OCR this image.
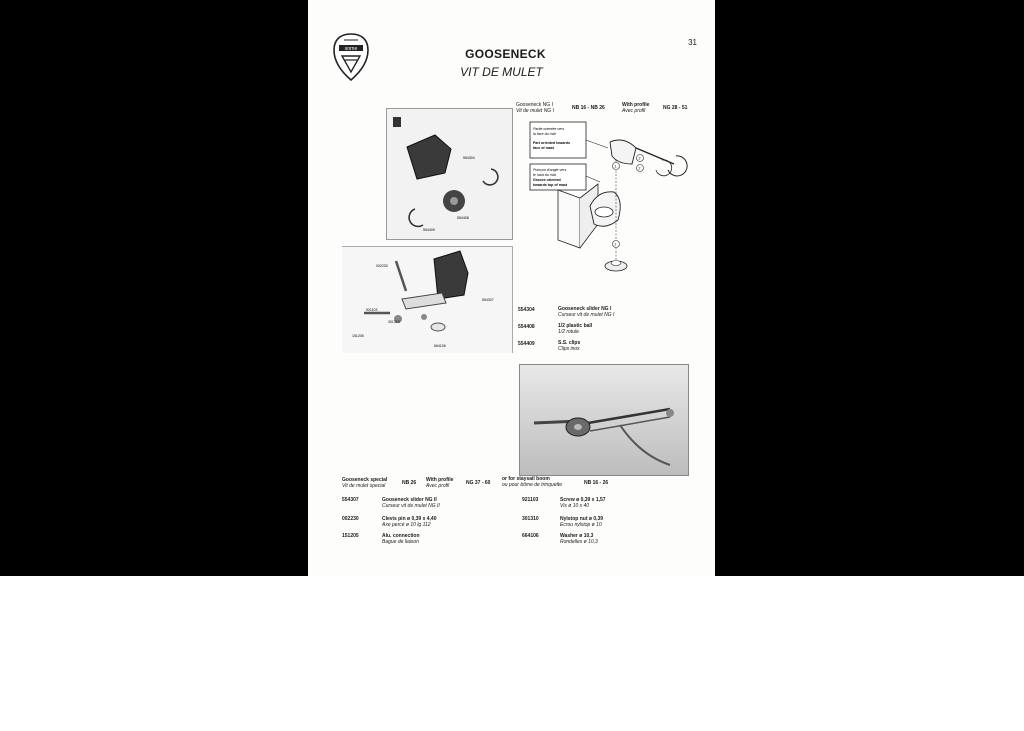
31
sorne	GOOSENECK
VIT DE MULET
Gooseneck NG I
Vit de mulet NG I	NB 16 - NB 26	With profile
Avec profil	NG 28 - 51
554304
554408
554409
Partie orientée vers
la face du mât
Part oriented towards
face of mast
Poinçon d'angle vers
le haut du mât
Groove oriented
towards top of mast
2
2
1
1
002230
554307
921103
301310
151205
664106
554304	Gooseneck slider NG I
Curseur vit de mulet NG I
554408	1/2 plastic ball
1/2 rotule
554409	S.S. clips
Clips inox
Gooseneck special
Vit de mulet special	NB 26 With profile
Avec profil	NG 37 - 60
or for staysail boom
ou pour bôme de trinquette	NB 16 - 26
554307	Gooseneck slider NG II
Curseur vit de mulet NG II
002230	Clevis pin ø 0,39 x 4,40
Axe percé ø 10 lg 112
151205	Alu. connection
Bague de liaison
921103	Screw ø 0,39 x 1,57
Vis ø 10 x 40
301310	Nylstop nut ø 0,39
Ecrou nylstop ø 10
664106	Washer ø 10,3
Rondelles ø 10,3
